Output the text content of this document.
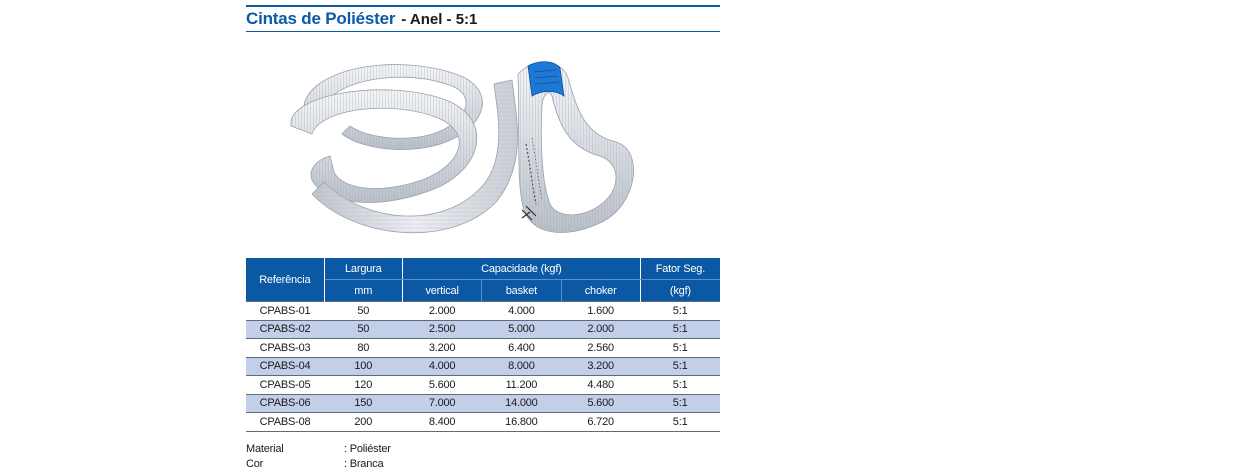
Cintas de Poliéster - Anel - 5:1
Referência	Largura	Capacidade (kgf)			Fator Seg.
	mm	vertical	basket	choker	(kgf)
CPABS-01	50	2.000	4.000	1.600	5:1
CPABS-02	50	2.500	5.000	2.000	5:1
CPABS-03	80	3.200	6.400	2.560	5:1
CPABS-04	100	4.000	8.000	3.200	5:1
CPABS-05	120	5.600	11.200	4.480	5:1
CPABS-06	150	7.000	14.000	5.600	5:1
CPABS-08	200	8.400	16.800	6.720	5:1
Material	: Poliéster
Cor	: Branca
